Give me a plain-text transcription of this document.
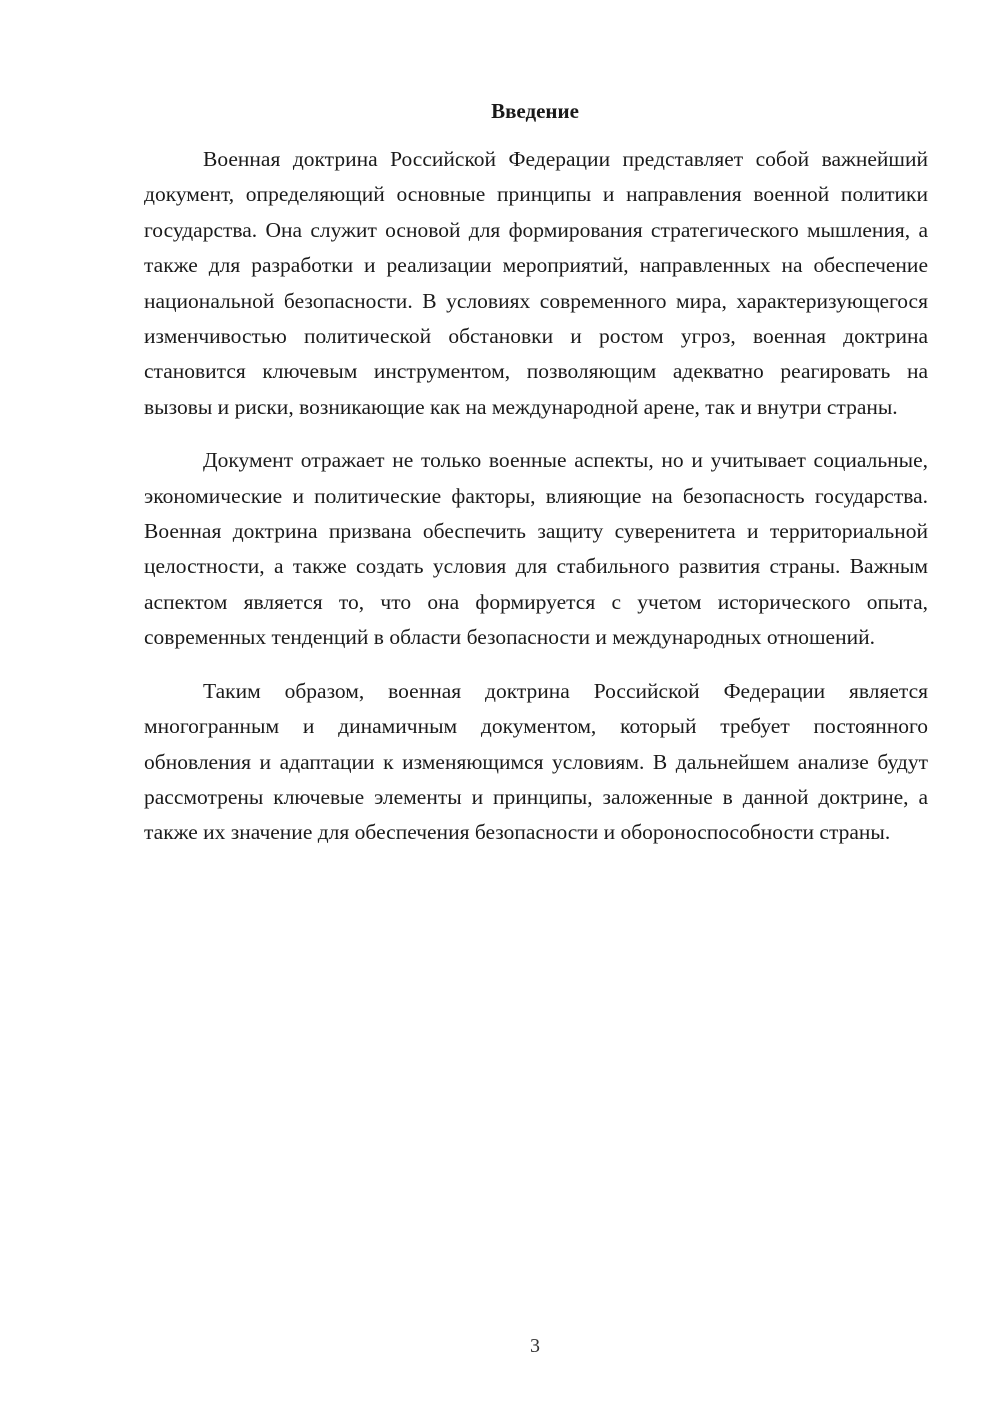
Введение

Военная доктрина Российской Федерации представляет собой важнейший документ, определяющий основные принципы и направления военной политики государства. Она служит основой для формирования стратегического мышления, а также для разработки и реализации мероприятий, направленных на обеспечение национальной безопасности. В условиях современного мира, характеризующегося изменчивостью политической обстановки и ростом угроз, военная доктрина становится ключевым инструментом, позволяющим адекватно реагировать на вызовы и риски, возникающие как на международной арене, так и внутри страны.

Документ отражает не только военные аспекты, но и учитывает социальные, экономические и политические факторы, влияющие на безопасность государства. Военная доктрина призвана обеспечить защиту суверенитета и территориальной целостности, а также создать условия для стабильного развития страны. Важным аспектом является то, что она формируется с учетом исторического опыта, современных тенденций в области безопасности и международных отношений.

Таким образом, военная доктрина Российской Федерации является многогранным и динамичным документом, который требует постоянного обновления и адаптации к изменяющимся условиям. В дальнейшем анализе будут рассмотрены ключевые элементы и принципы, заложенные в данной доктрине, а также их значение для обеспечения безопасности и обороноспособности страны.

3
